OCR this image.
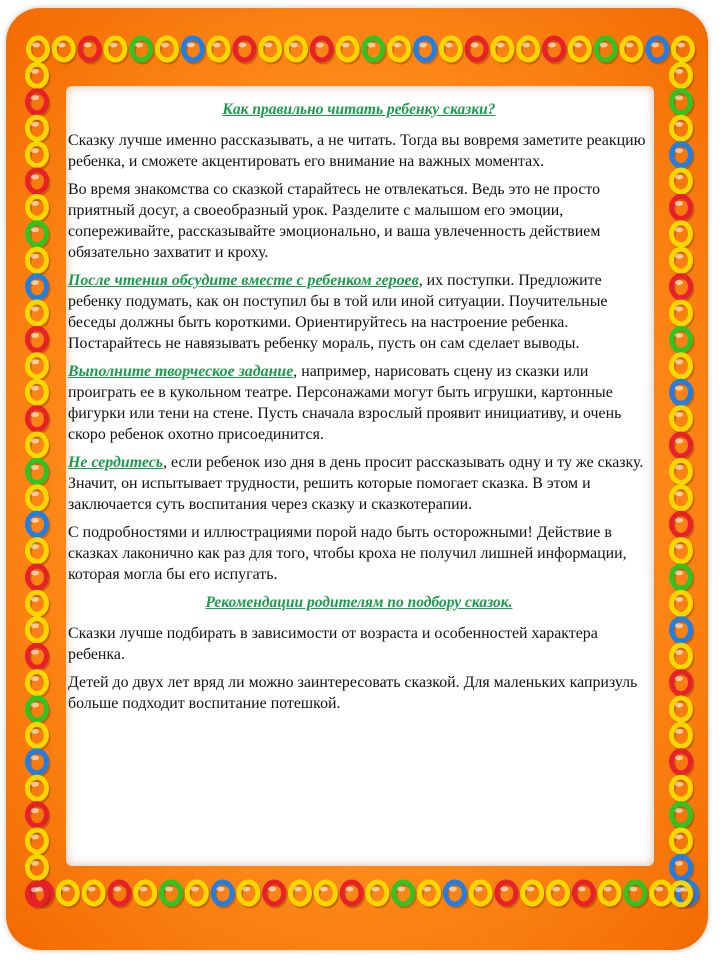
Как правильно читать ребенку сказки?

Сказку лучше именно рассказывать, а не читать. Тогда вы вовремя заметите реакцию ребенка, и сможете акцентировать его внимание на важных моментах.

Во время знакомства со сказкой старайтесь не отвлекаться. Ведь это не просто приятный досуг, а своеобразный урок. Разделите с малышом его эмоции, сопереживайте, рассказывайте эмоционально, и ваша увлеченность действием обязательно захватит и кроху.

После чтения обсудите вместе с ребенком героев, их поступки. Предложите ребенку подумать, как он поступил бы в той или иной ситуации. Поучительные беседы должны быть короткими. Ориентируйтесь на настроение ребенка. Постарайтесь не навязывать ребенку мораль, пусть он сам сделает выводы.

Выполните творческое задание, например, нарисовать сцену из сказки или проиграть ее в кукольном театре. Персонажами могут быть игрушки, картонные фигурки или тени на стене. Пусть сначала взрослый проявит инициативу, и очень скоро ребенок охотно присоединится.

Не сердитесь, если ребенок изо дня в день просит рассказывать одну и ту же сказку. Значит, он испытывает трудности, решить которые помогает сказка. В этом и заключается суть воспитания через сказку и сказкотерапии.

С подробностями и иллюстрациями порой надо быть осторожными! Действие в сказках лаконично как раз для того, чтобы кроха не получил лишней информации, которая могла бы его испугать.

Рекомендации родителям по подбору сказок.

Сказки лучше подбирать в зависимости от возраста и особенностей характера ребенка.

Детей до двух лет вряд ли можно заинтересовать сказкой. Для маленьких капризуль больше подходит воспитание потешкой.
